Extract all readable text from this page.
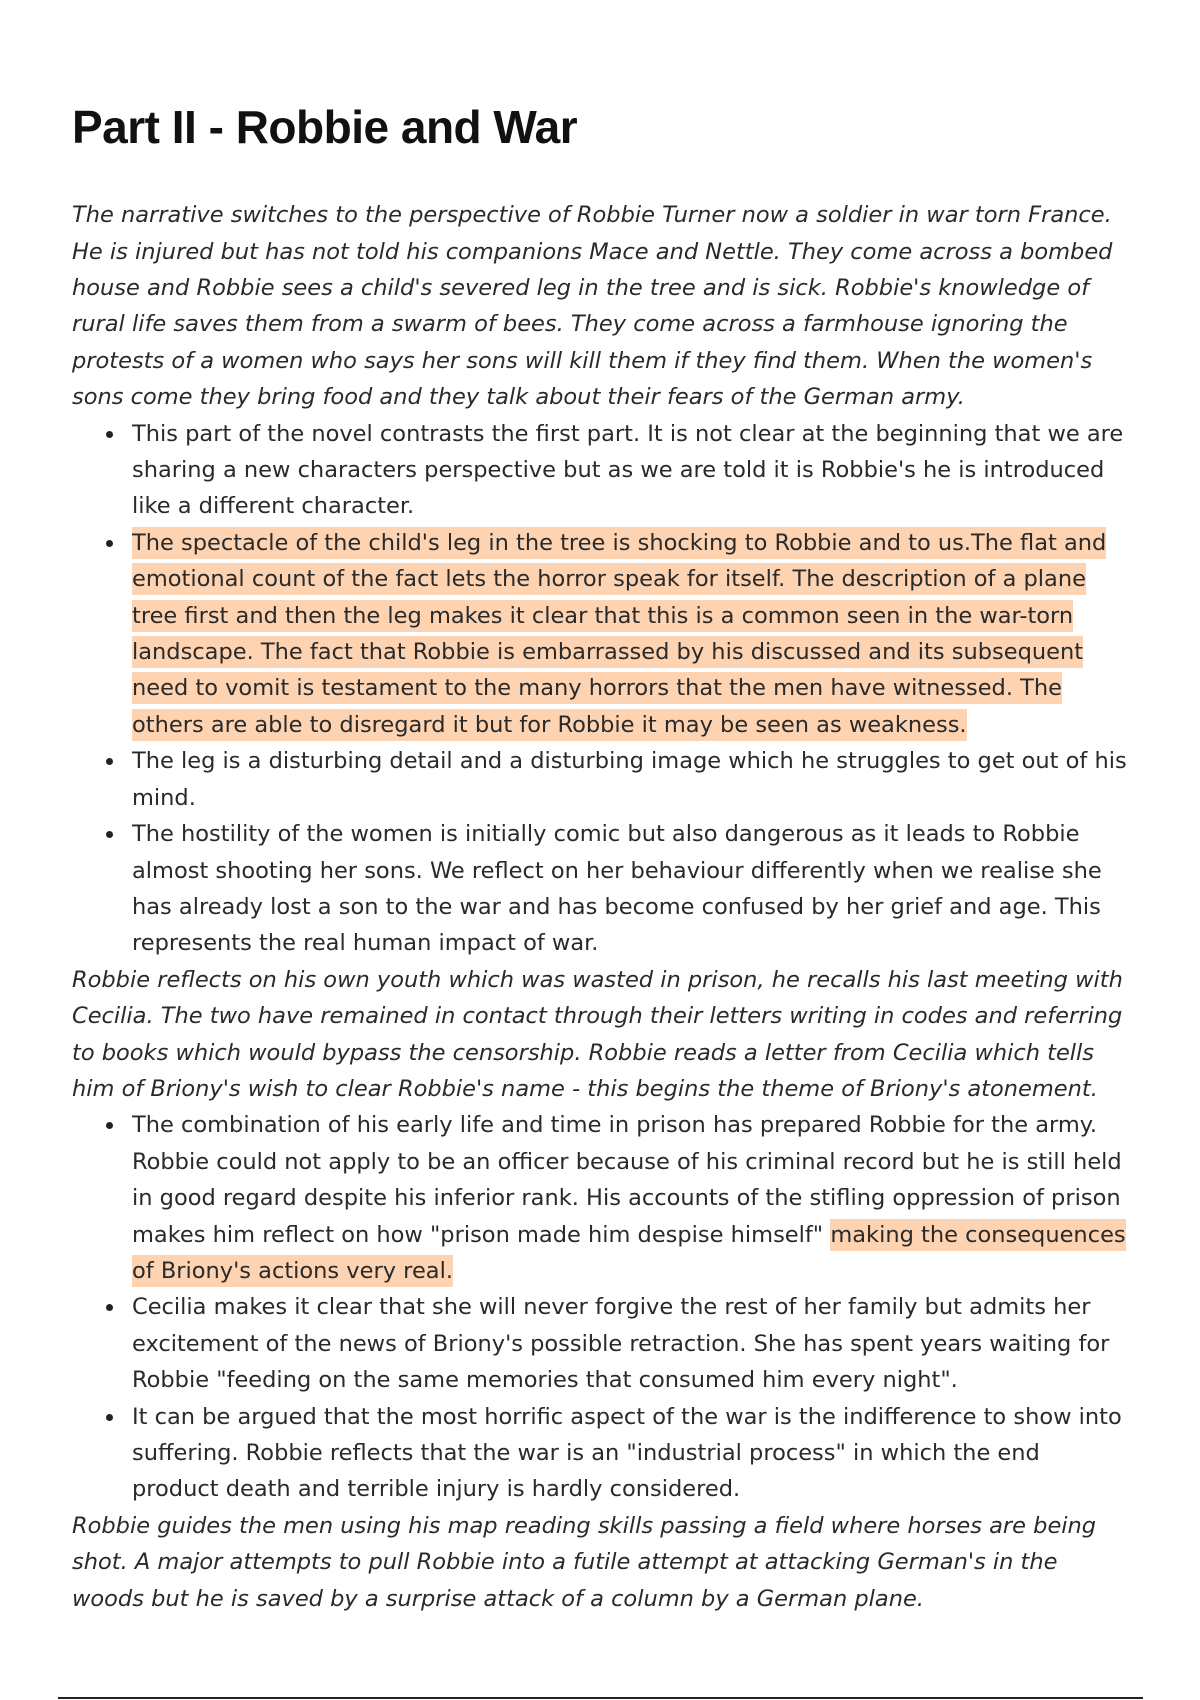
Part II - Robbie and War

The narrative switches to the perspective of Robbie Turner now a soldier in war torn France. He is injured but has not told his companions Mace and Nettle. They come across a bombed house and Robbie sees a child's severed leg in the tree and is sick. Robbie's knowledge of rural life saves them from a swarm of bees. They come across a farmhouse ignoring the protests of a women who says her sons will kill them if they find them. When the women's sons come they bring food and they talk about their fears of the German army.

This part of the novel contrasts the first part. It is not clear at the beginning that we are sharing a new characters perspective but as we are told it is Robbie's he is introduced like a different character.
The spectacle of the child's leg in the tree is shocking to Robbie and to us.The flat and emotional count of the fact lets the horror speak for itself. The description of a plane tree first and then the leg makes it clear that this is a common seen in the war-torn landscape. The fact that Robbie is embarrassed by his discussed and its subsequent need to vomit is testament to the many horrors that the men have witnessed. The others are able to disregard it but for Robbie it may be seen as weakness.
The leg is a disturbing detail and a disturbing image which he struggles to get out of his mind.
The hostility of the women is initially comic but also dangerous as it leads to Robbie almost shooting her sons. We reflect on her behaviour differently when we realise she has already lost a son to the war and has become confused by her grief and age. This represents the real human impact of war.

Robbie reflects on his own youth which was wasted in prison, he recalls his last meeting with Cecilia. The two have remained in contact through their letters writing in codes and referring to books which would bypass the censorship. Robbie reads a letter from Cecilia which tells him of Briony's wish to clear Robbie's name - this begins the theme of Briony's atonement.

The combination of his early life and time in prison has prepared Robbie for the army. Robbie could not apply to be an officer because of his criminal record but he is still held in good regard despite his inferior rank. His accounts of the stifling oppression of prison makes him reflect on how "prison made him despise himself" making the consequences of Briony's actions very real.
Cecilia makes it clear that she will never forgive the rest of her family but admits her excitement of the news of Briony's possible retraction. She has spent years waiting for Robbie "feeding on the same memories that consumed him every night".
It can be argued that the most horrific aspect of the war is the indifference to show into suffering. Robbie reflects that the war is an "industrial process" in which the end product death and terrible injury is hardly considered.

Robbie guides the men using his map reading skills passing a field where horses are being shot. A major attempts to pull Robbie into a futile attempt at attacking German's in the woods but he is saved by a surprise attack of a column by a German plane.
